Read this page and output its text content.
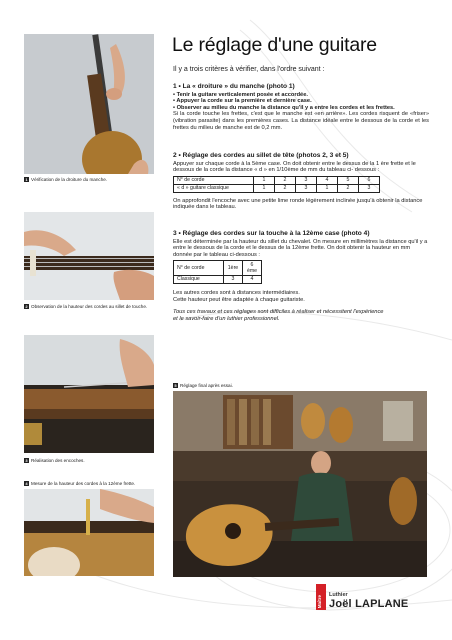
1 Vérification de la droiture du manche.
2 Observation de la hauteur des cordes au sillet de touche.
3 Réalisation des encoches.
4 Mesure de la hauteur des cordes à la 12ème frette.
5 Réglage final après essai.
Le réglage d'une guitare
Il y a trois critères à vérifier, dans l'ordre suivant :
1 • La « droiture » du manche (photo 1)

• Tenir la guitare verticalement posée et accordée.

• Appuyer la corde sur la première et dernière case.

• Observer au milieu du manche la distance qu'il y a entre les cordes et les frettes.

Si la corde touche les frettes, c'est que le manche est «en arrière». Les cordes risquent de «friser» (vibration parasite) dans les premières cases. La distance idéale entre le dessous de la corde et les frettes du milieu de manche est de 0,2 mm.

2 • Réglage des cordes au sillet de tête (photos 2, 3 et 5)

Appuyer sur chaque corde à la 5ème case. On doit obtenir entre le dessus de la 1 ère frette et le dessous de la corde la distance « d » en 1/10ème de mm du tableau ci- dessous :

N° de corde	1	2	3	4	5	6
« d » guitare classique	1	2	3	1	2	3

On approfondit l'encoche avec une petite lime ronde légèrement inclinée jusqu'à obtenir la distance indiquée dans le tableau.

3 • Réglage des cordes sur la touche à la 12ème case (photo 4)

Elle est déterminée par la hauteur du sillet du chevalet. On mesure en millimètres la distance qu'il y a entre le dessous de la corde et le dessus de la 12ème frette. On doit obtenir la hauteur en mm donnée par le tableau ci-dessous :

N° de corde	1ère	6 ème
Classique	3	4

Les autres cordes sont à distances intermédiaires.

Cette hauteur peut être adaptée à chaque guitariste.

Tous ces travaux et ces réglages sont difficiles à réaliser et nécessitent l'expérience

et le savoir-faire d'un luthier professionnel.

Maître Luthier
Joël LAPLANE
